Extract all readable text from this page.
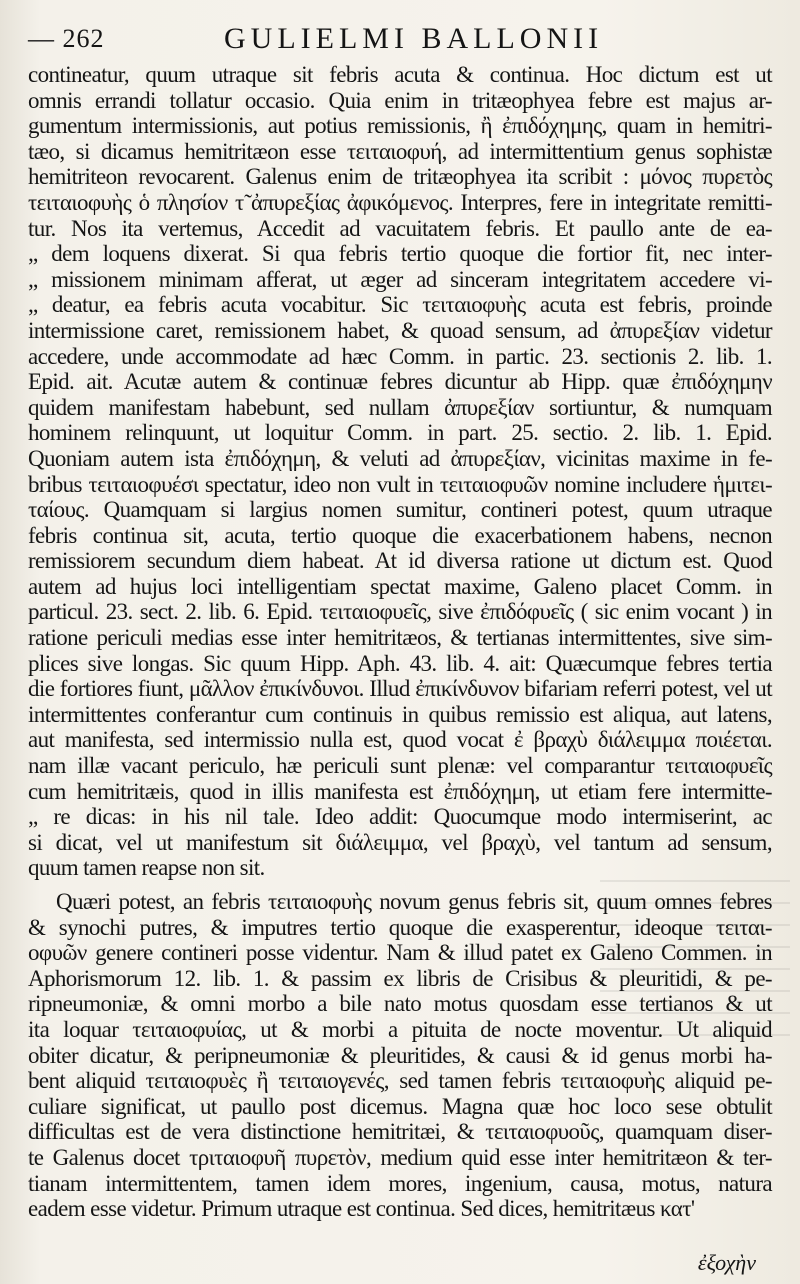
— 262	GULIELMI BALLONII
contineatur, quum utraque sit febris acuta & continua. Hoc dictum est ut
omnis errandi tollatur occasio. Quia enim in tritæophyea febre est majus ar-
gumentum intermissionis, aut potius remissionis, ἢ ἐπιδόχημης, quam in hemitri-
tæo, si dicamus hemitritæon esse τειταιοφυή, ad intermittentium genus sophistæ
hemitriteon revocarent. Galenus enim de tritæophyea ita scribit : μόνος πυρετὸς
τειταιοφυὴς ὁ πλησίον τ̃ ἀπυρεξίας ἀφικόμενος. Interpres, fere in integritate remitti-
tur. Nos ita vertemus, Accedit ad vacuitatem febris. Et paullo ante de ea-
„ dem loquens dixerat. Si qua febris tertio quoque die fortior fit, nec inter-
„ missionem minimam afferat, ut æger ad sinceram integritatem accedere vi-
„ deatur, ea febris acuta vocabitur. Sic τειταιοφυὴς acuta est febris, proinde
intermissione caret, remissionem habet, & quoad sensum, ad ἀπυρεξίαν videtur
accedere, unde accommodate ad hæc Comm. in partic. 23. sectionis 2. lib. 1.
Epid. ait. Acutæ autem & continuæ febres dicuntur ab Hipp. quæ ἐπιδόχημην
quidem manifestam habebunt, sed nullam ἀπυρεξίαν sortiuntur, & numquam
hominem relinquunt, ut loquitur Comm. in part. 25. sectio. 2. lib. 1. Epid.
Quoniam autem ista ἐπιδόχημη, & veluti ad ἀπυρεξίαν, vicinitas maxime in fe-
bribus τειταιοφυέσι spectatur, ideo non vult in τειταιοφυῶν nomine includere ἡμιτει-
ταίους. Quamquam si largius nomen sumitur, contineri potest, quum utraque
febris continua sit, acuta, tertio quoque die exacerbationem habens, necnon
remissiorem secundum diem habeat. At id diversa ratione ut dictum est. Quod
autem ad hujus loci intelligentiam spectat maxime, Galeno placet Comm. in
particul. 23. sect. 2. lib. 6. Epid. τειταιοφυεῖς, sive ἐπιδόφυεῖς ( sic enim vocant ) in
ratione periculi medias esse inter hemitritæos, & tertianas intermittentes, sive sim-
plices sive longas. Sic quum Hipp. Aph. 43. lib. 4. ait: Quæcumque febres tertia
die fortiores fiunt, μᾶλλον ἐπικίνδυνοι. Illud ἐπικίνδυνον bifariam referri potest, vel ut
intermittentes conferantur cum continuis in quibus remissio est aliqua, aut latens,
aut manifesta, sed intermissio nulla est, quod vocat ἐ βραχὺ διάλειμμα ποιέεται.
nam illæ vacant periculo, hæ periculi sunt plenæ: vel comparantur τειταιοφυεῖς
cum hemitritæis, quod in illis manifesta est ἐπιδόχημη, ut etiam fere intermitte-
„ re dicas: in his nil tale. Ideo addit: Quocumque modo intermiserint, ac
si dicat, vel ut manifestum sit διάλειμμα, vel βραχὺ, vel tantum ad sensum,
quum tamen reapse non sit.
Quæri potest, an febris τειταιοφυὴς novum genus febris sit, quum omnes febres
& synochi putres, & imputres tertio quoque die exasperentur, ideoque τειται-
οφυῶν genere contineri posse videntur. Nam & illud patet ex Galeno Commen. in
Aphorismorum 12. lib. 1. & passim ex libris de Crisibus & pleuritidi, & pe-
ripneumoniæ, & omni morbo a bile nato motus quosdam esse tertianos & ut
ita loquar τειταιοφυίας, ut & morbi a pituita de nocte moventur. Ut aliquid
obiter dicatur, & peripneumoniæ & pleuritides, & causi & id genus morbi ha-
bent aliquid τειταιοφυὲς ἢ τειταιογενές, sed tamen febris τειταιοφυὴς aliquid pe-
culiare significat, ut paullo post dicemus. Magna quæ hoc loco sese obtulit
difficultas est de vera distinctione hemitritæi, & τειταιοφυοῦς, quamquam diser-
te Galenus docet τριταιοφυῆ πυρετὸν, medium quid esse inter hemitritæon & ter-
tianam intermittentem, tamen idem mores, ingenium, causa, motus, natura
eadem esse videtur. Primum utraque est continua. Sed dices, hemitritæus κατ'
ἐξοχὴν
